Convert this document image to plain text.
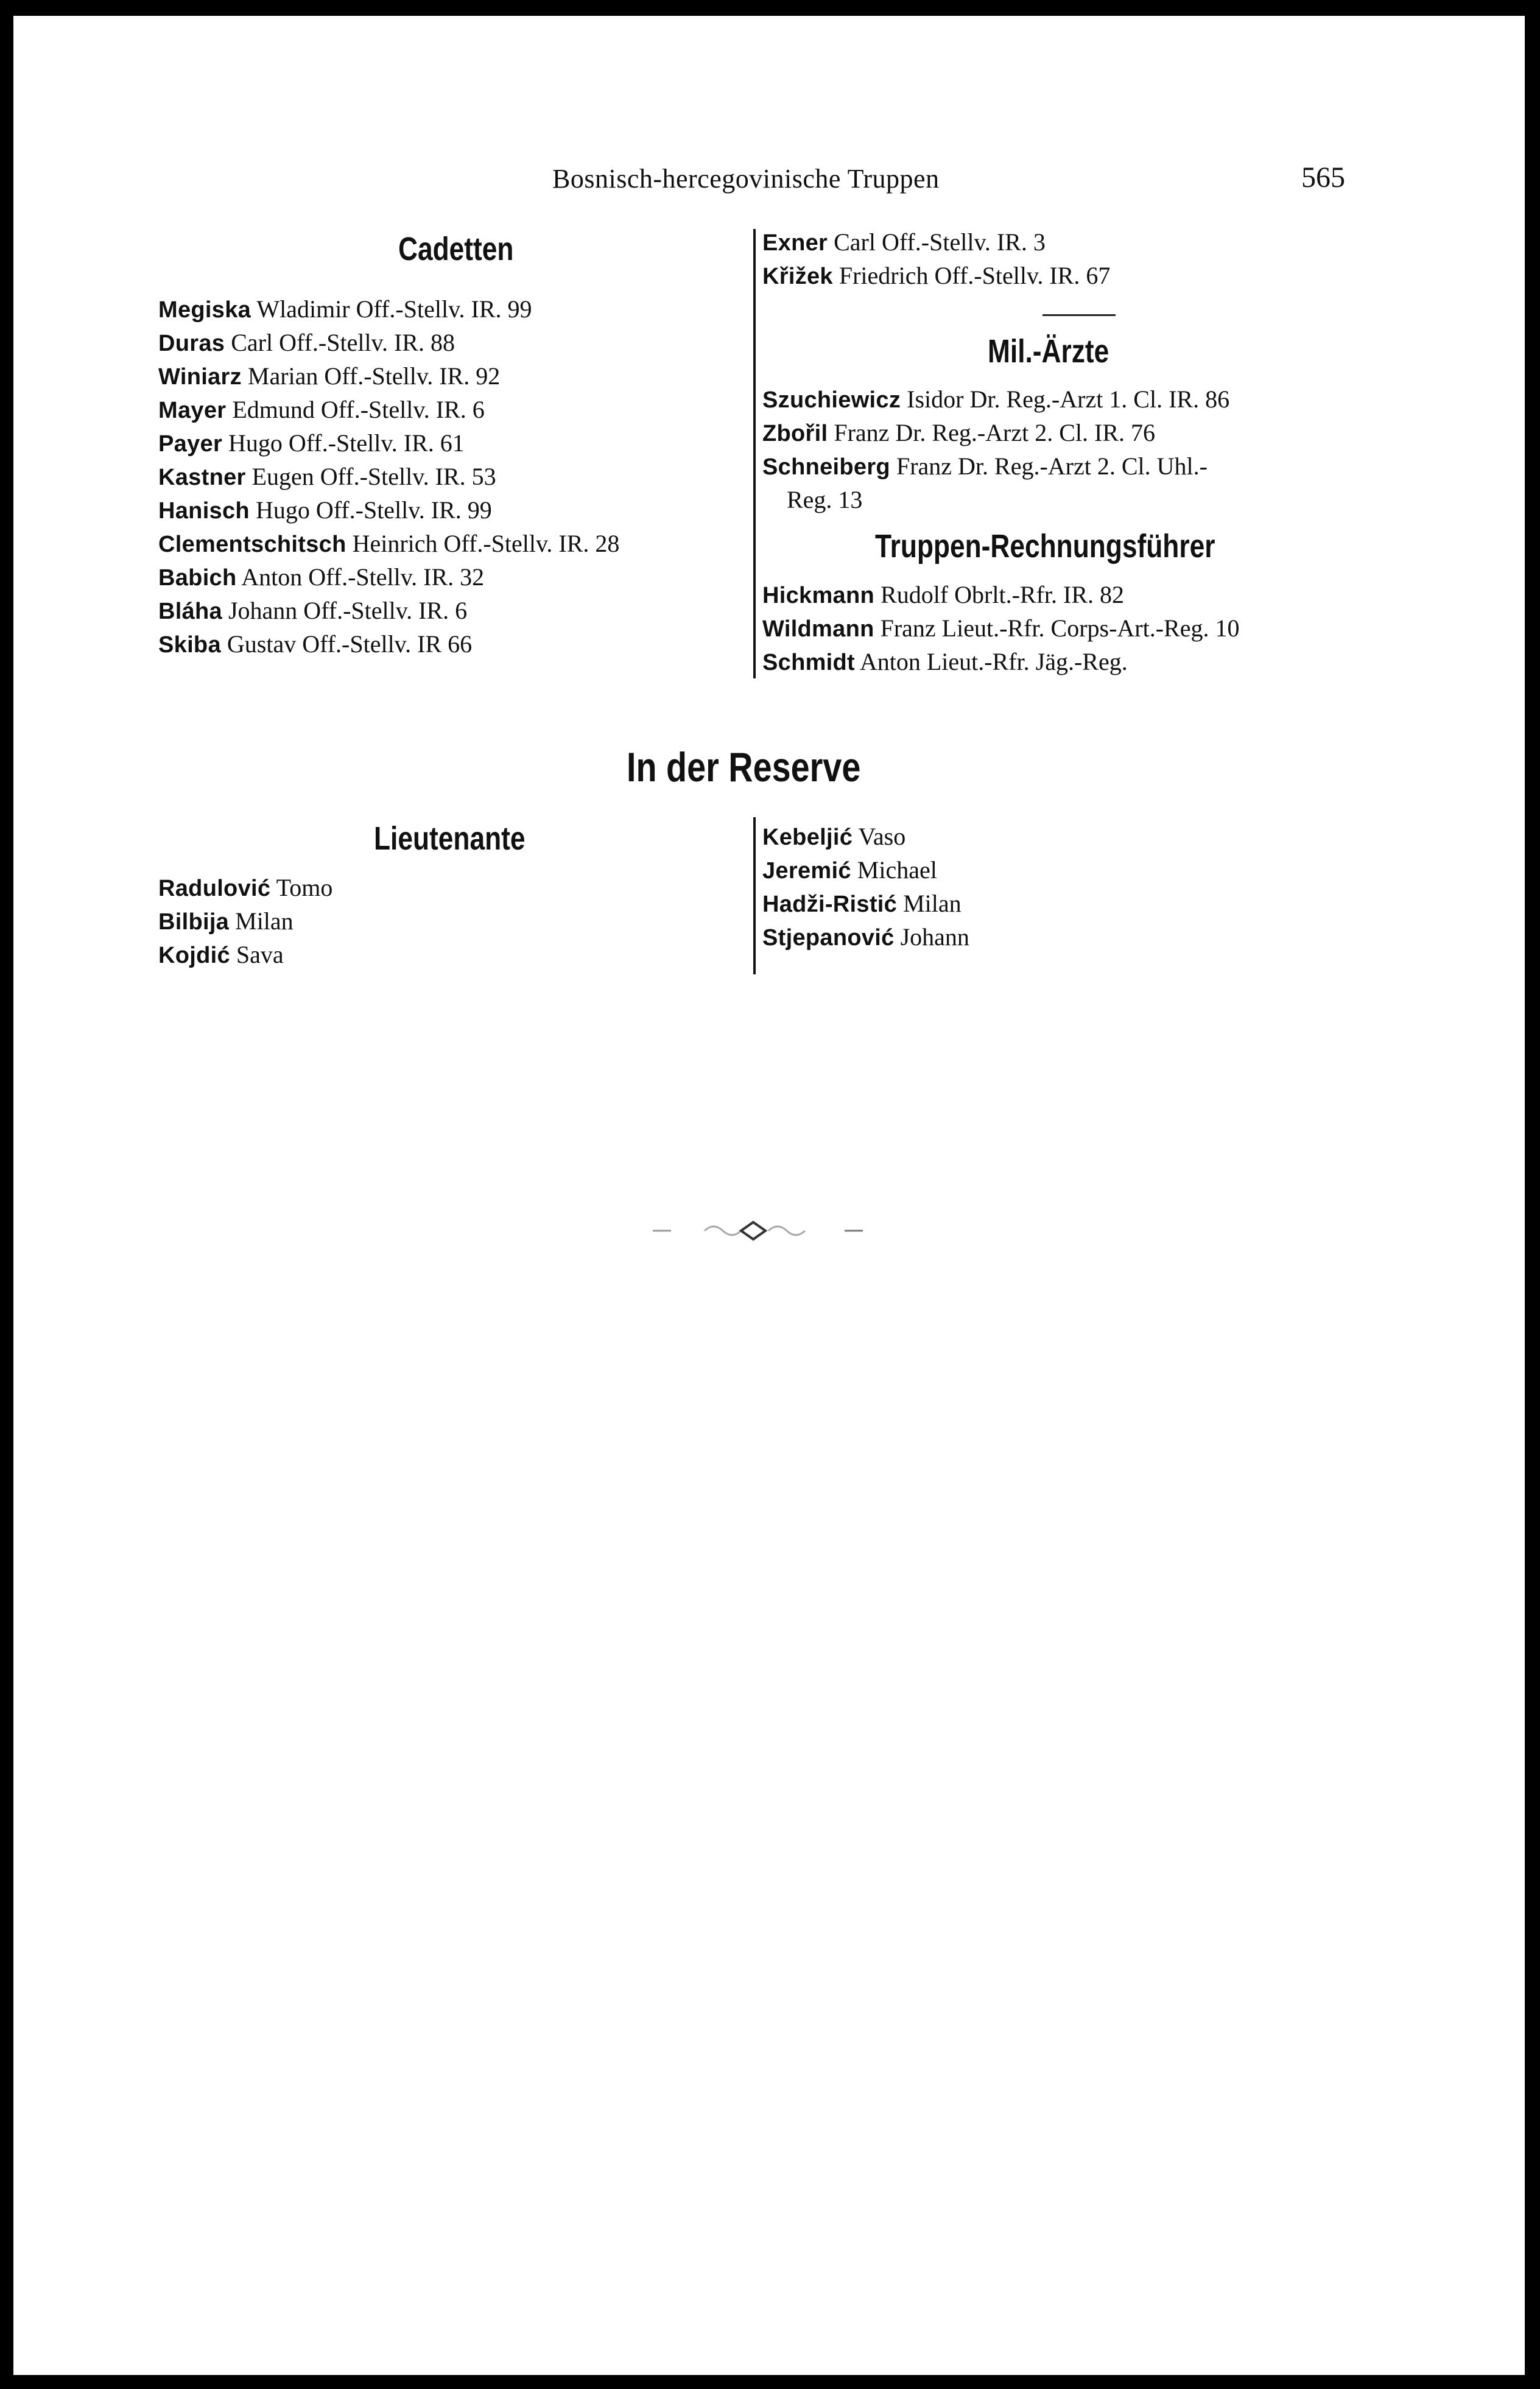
Bosnisch-hercegovinische Truppen	565
Cadetten
Megiska Wladimir Off.-Stellv. IR. 99
Duras Carl Off.-Stellv. IR. 88
Winiarz Marian Off.-Stellv. IR. 92
Mayer Edmund Off.-Stellv. IR. 6
Payer Hugo Off.-Stellv. IR. 61
Kastner Eugen Off.-Stellv. IR. 53
Hanisch Hugo Off.-Stellv. IR. 99
Clementschitsch Heinrich Off.-Stellv. IR. 28
Babich Anton Off.-Stellv. IR. 32
Bláha Johann Off.-Stellv. IR. 6
Skiba Gustav Off.-Stellv. IR 66
Exner Carl Off.-Stellv. IR. 3
Křižek Friedrich Off.-Stellv. IR. 67
Mil.-Ärzte
Szuchiewicz Isidor Dr. Reg.-Arzt 1. Cl. IR. 86
Zbořil Franz Dr. Reg.-Arzt 2. Cl. IR. 76
Schneiberg Franz Dr. Reg.-Arzt 2. Cl. Uhl.-
Reg. 13
Truppen-Rechnungsführer
Hickmann Rudolf Obrlt.-Rfr. IR. 82
Wildmann Franz Lieut.-Rfr. Corps-Art.-Reg. 10
Schmidt Anton Lieut.-Rfr. Jäg.-Reg.
In der Reserve
Lieutenante
Radulović Tomo
Bilbija Milan
Kojdić Sava
Kebeljić Vaso
Jeremić Michael
Hadži-Ristić Milan
Stjepanović Johann
